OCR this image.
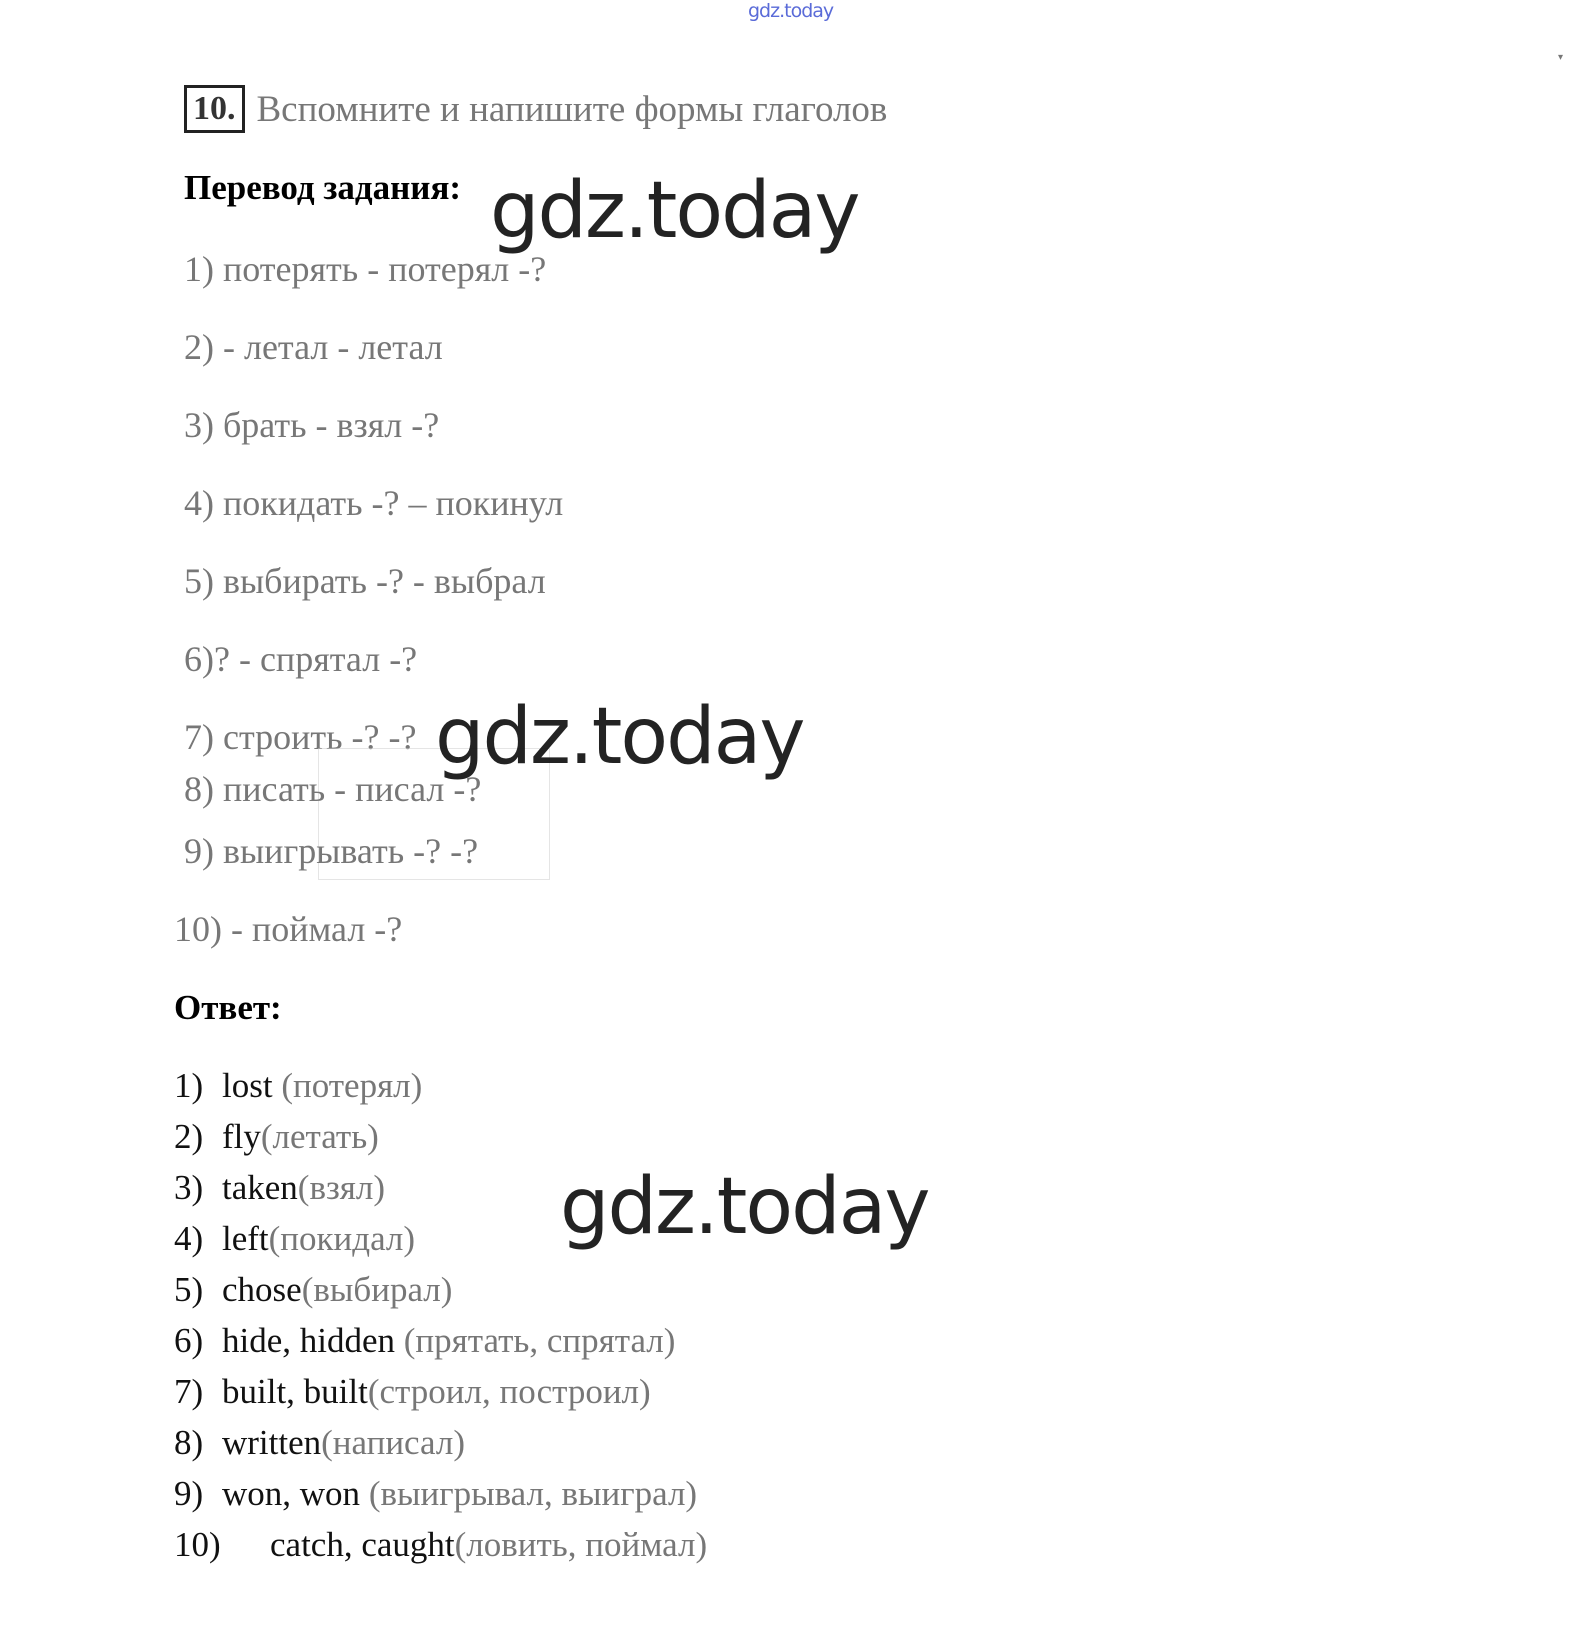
gdz.today
▾
10. Вспомните и напишите формы глаголов
Перевод задания: gdz.today
1) потерять - потерял -?
2) - летал - летал
3) брать - взял -?
4) покидать -? – покинул
5) выбирать -? - выбрал
6)? - спрятал -?
7) строить -? -? gdz.today
8) писать - писал -?
9) выигрывать -? -?
10) - поймал -?
Ответ:
1) lost (потерял)
2) fly(летать)
3) taken(взял) gdz.today
4) left(покидал)
5) chose(выбирал)
6) hide, hidden (прятать, спрятал)
7) built, built(строил, построил)
8) written(написал)
9) won, won (выигрывал, выиграл)
10) catch, caught(ловить, поймал)
